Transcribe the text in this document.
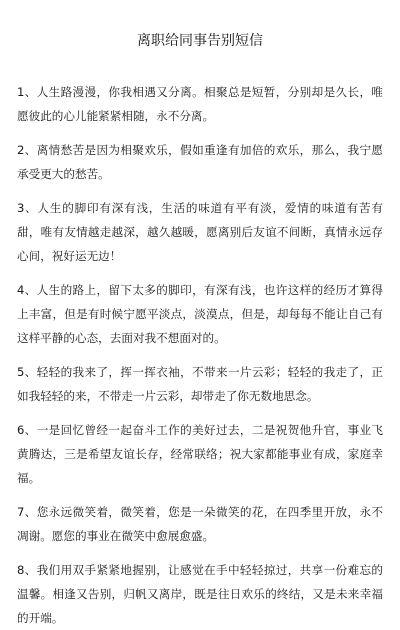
离职给同事告别短信
1、人生路漫漫，你我相遇又分离。相聚总是短暂，分别却是久长，唯愿彼此的心儿能紧紧相随，永不分离。
2、离情愁苦是因为相聚欢乐，假如重逢有加倍的欢乐，那么，我宁愿承受更大的愁苦。
3、人生的脚印有深有浅，生活的味道有平有淡，爱情的味道有苦有甜，唯有友情越走越深，越久越暖，愿离别后友谊不间断，真情永远存心间，祝好运无边！
4、人生的路上，留下太多的脚印，有深有浅，也许这样的经历才算得上丰富，但是有时候宁愿平淡点，淡漠点，但是，却每每不能让自己有这样平静的心态，去面对我不想面对的。
5、轻轻的我来了，挥一挥衣袖，不带来一片云彩；轻轻的我走了，正如我轻轻的来，不带走一片云彩，却带走了你无数地思念。
6、一是回忆曾经一起奋斗工作的美好过去，二是祝贺他升官，事业飞黄腾达，三是希望友谊长存，经常联络；祝大家都能事业有成，家庭幸福。
7、您永远微笑着，微笑着，您是一朵微笑的花，在四季里开放，永不凋谢。愿您的事业在微笑中愈展愈盛。
8、我们用双手紧紧地握别，让感觉在手中轻轻掠过，共享一份难忘的温馨。相逢又告别，归帆又离岸，既是往日欢乐的终结，又是未来幸福的开端。
